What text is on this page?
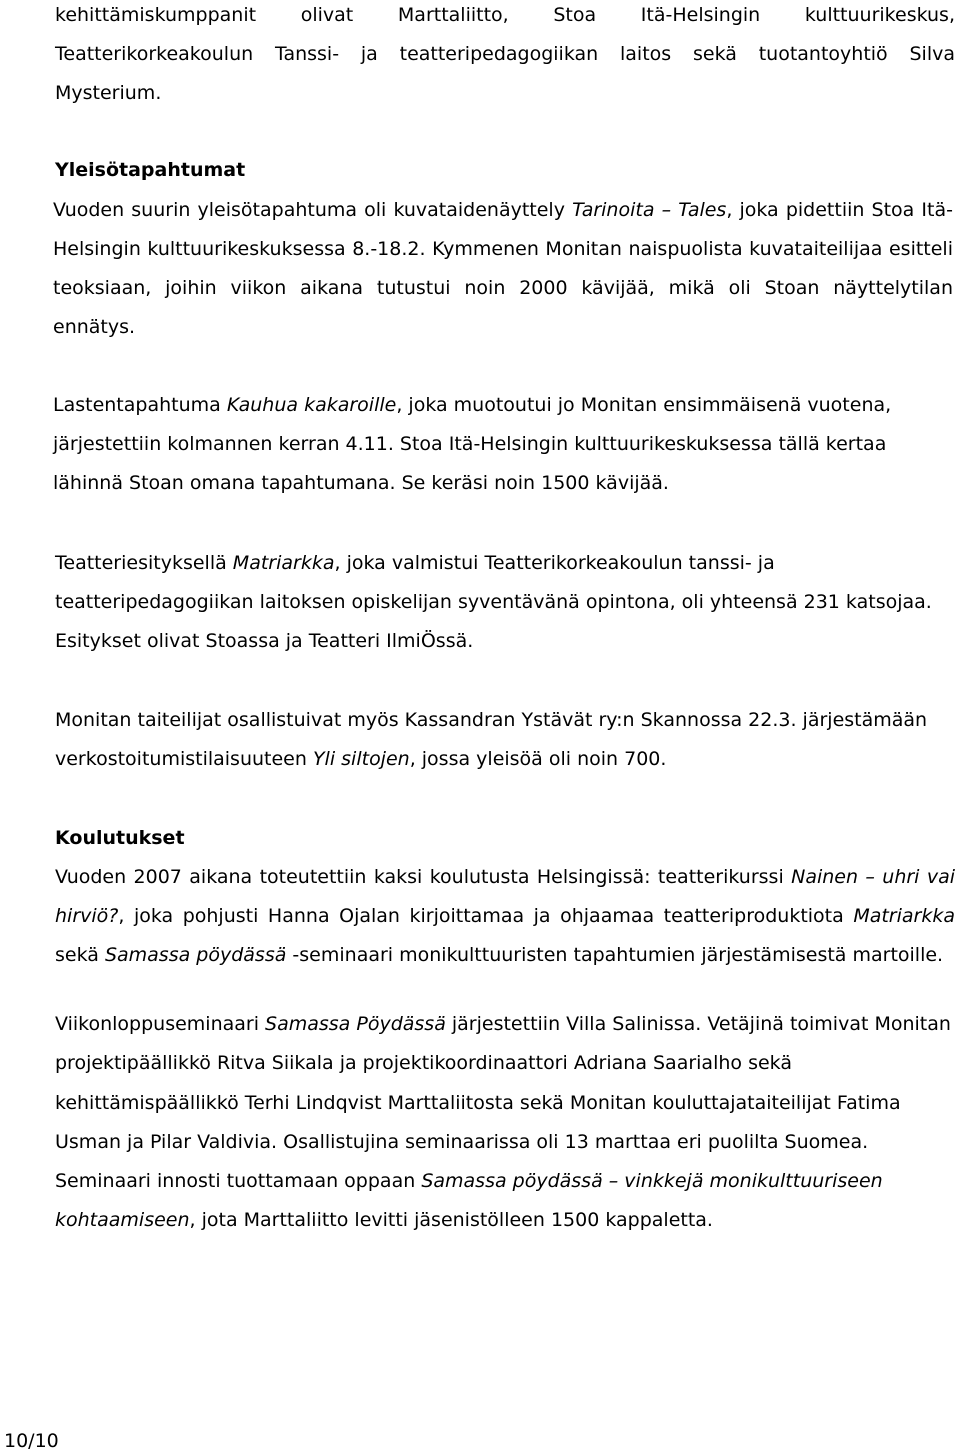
kehittämiskumppanit olivat Marttaliitto, Stoa Itä-Helsingin kulttuurikeskus,
Teatterikorkeakoulun Tanssi- ja teatteripedagogiikan laitos sekä tuotantoyhtiö Silva
Mysterium.
Yleisötapahtumat
Vuoden suurin yleisötapahtuma oli kuvataidenäyttely Tarinoita – Tales, joka pidettiin Stoa Itä-
Helsingin kulttuurikeskuksessa 8.-18.2. Kymmenen Monitan naispuolista kuvataiteilijaa esitteli
teoksiaan, joihin viikon aikana tutustui noin 2000 kävijää, mikä oli Stoan näyttelytilan
ennätys.
Lastentapahtuma Kauhua kakaroille, joka muotoutui jo Monitan ensimmäisenä vuotena,
järjestettiin kolmannen kerran 4.11. Stoa Itä-Helsingin kulttuurikeskuksessa tällä kertaa
lähinnä Stoan omana tapahtumana. Se keräsi noin 1500 kävijää.
Teatteriesityksellä Matriarkka, joka valmistui Teatterikorkeakoulun tanssi- ja
teatteripedagogiikan laitoksen opiskelijan syventävänä opintona, oli yhteensä 231 katsojaa.
Esitykset olivat Stoassa ja Teatteri IlmiÖssä.
Monitan taiteilijat osallistuivat myös Kassandran Ystävät ry:n Skannossa 22.3. järjestämään
verkostoitumistilaisuuteen Yli siltojen, jossa yleisöä oli noin 700.
Koulutukset
Vuoden 2007 aikana toteutettiin kaksi koulutusta Helsingissä: teatterikurssi Nainen – uhri vai
hirviö?, joka pohjusti Hanna Ojalan kirjoittamaa ja ohjaamaa teatteriproduktiota Matriarkka
sekä Samassa pöydässä -seminaari monikulttuuristen tapahtumien järjestämisestä martoille.
Viikonloppuseminaari Samassa Pöydässä järjestettiin Villa Salinissa. Vetäjinä toimivat Monitan
projektipäällikkö Ritva Siikala ja projektikoordinaattori Adriana Saarialho sekä
kehittämispäällikkö Terhi Lindqvist Marttaliitosta sekä Monitan kouluttajataiteilijat Fatima
Usman ja Pilar Valdivia. Osallistujina seminaarissa oli 13 marttaa eri puolilta Suomea.
Seminaari innosti tuottamaan oppaan Samassa pöydässä – vinkkejä monikulttuuriseen
kohtaamiseen, jota Marttaliitto levitti jäsenistölleen 1500 kappaletta.
10/10
